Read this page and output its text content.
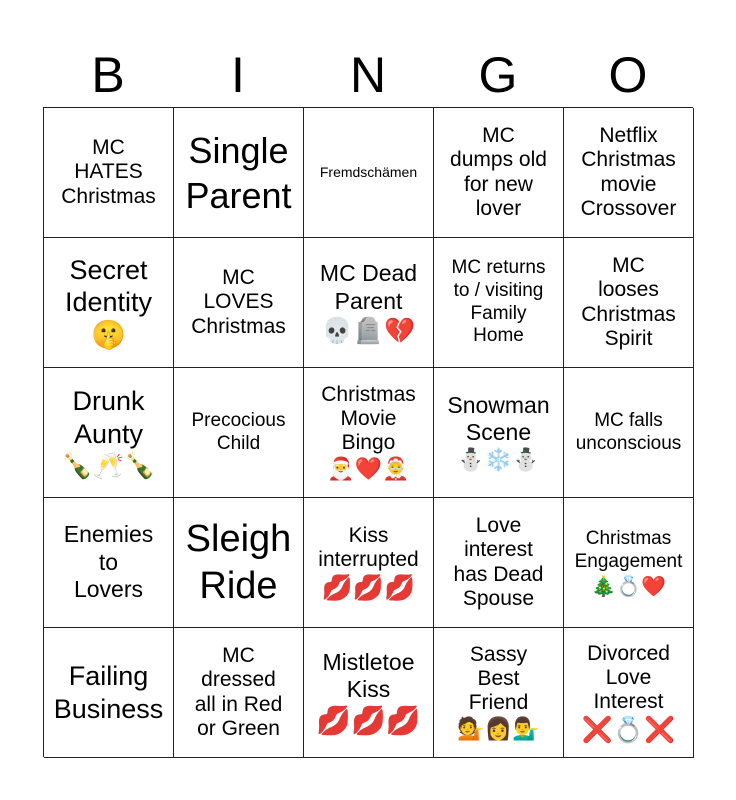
B	I	N	G	O
MC
HATES
Christmas
Single
Parent
Fremdschämen
MC
dumps old
for new
lover
Netflix
Christmas
movie
Crossover
Secret
Identity
🤫
MC
LOVES
Christmas
MC Dead
Parent
💀🪦💔
MC returns
to / visiting
Family
Home
MC
looses
Christmas
Spirit
Drunk
Aunty
🍾🥂🍾
Precocious
Child
Christmas
Movie
Bingo
🎅❤️🤶
Snowman
Scene
⛄❄️⛄
MC falls
unconscious
Enemies
to
Lovers
Sleigh
Ride
Kiss
interrupted
💋💋💋
Love
interest
has Dead
Spouse
Christmas
Engagement
🎄💍❤️
Failing
Business
MC
dressed
all in Red
or Green
Mistletoe
Kiss
💋💋💋
Sassy
Best
Friend
💁👩💁‍♂️
Divorced
Love
Interest
❌💍❌
